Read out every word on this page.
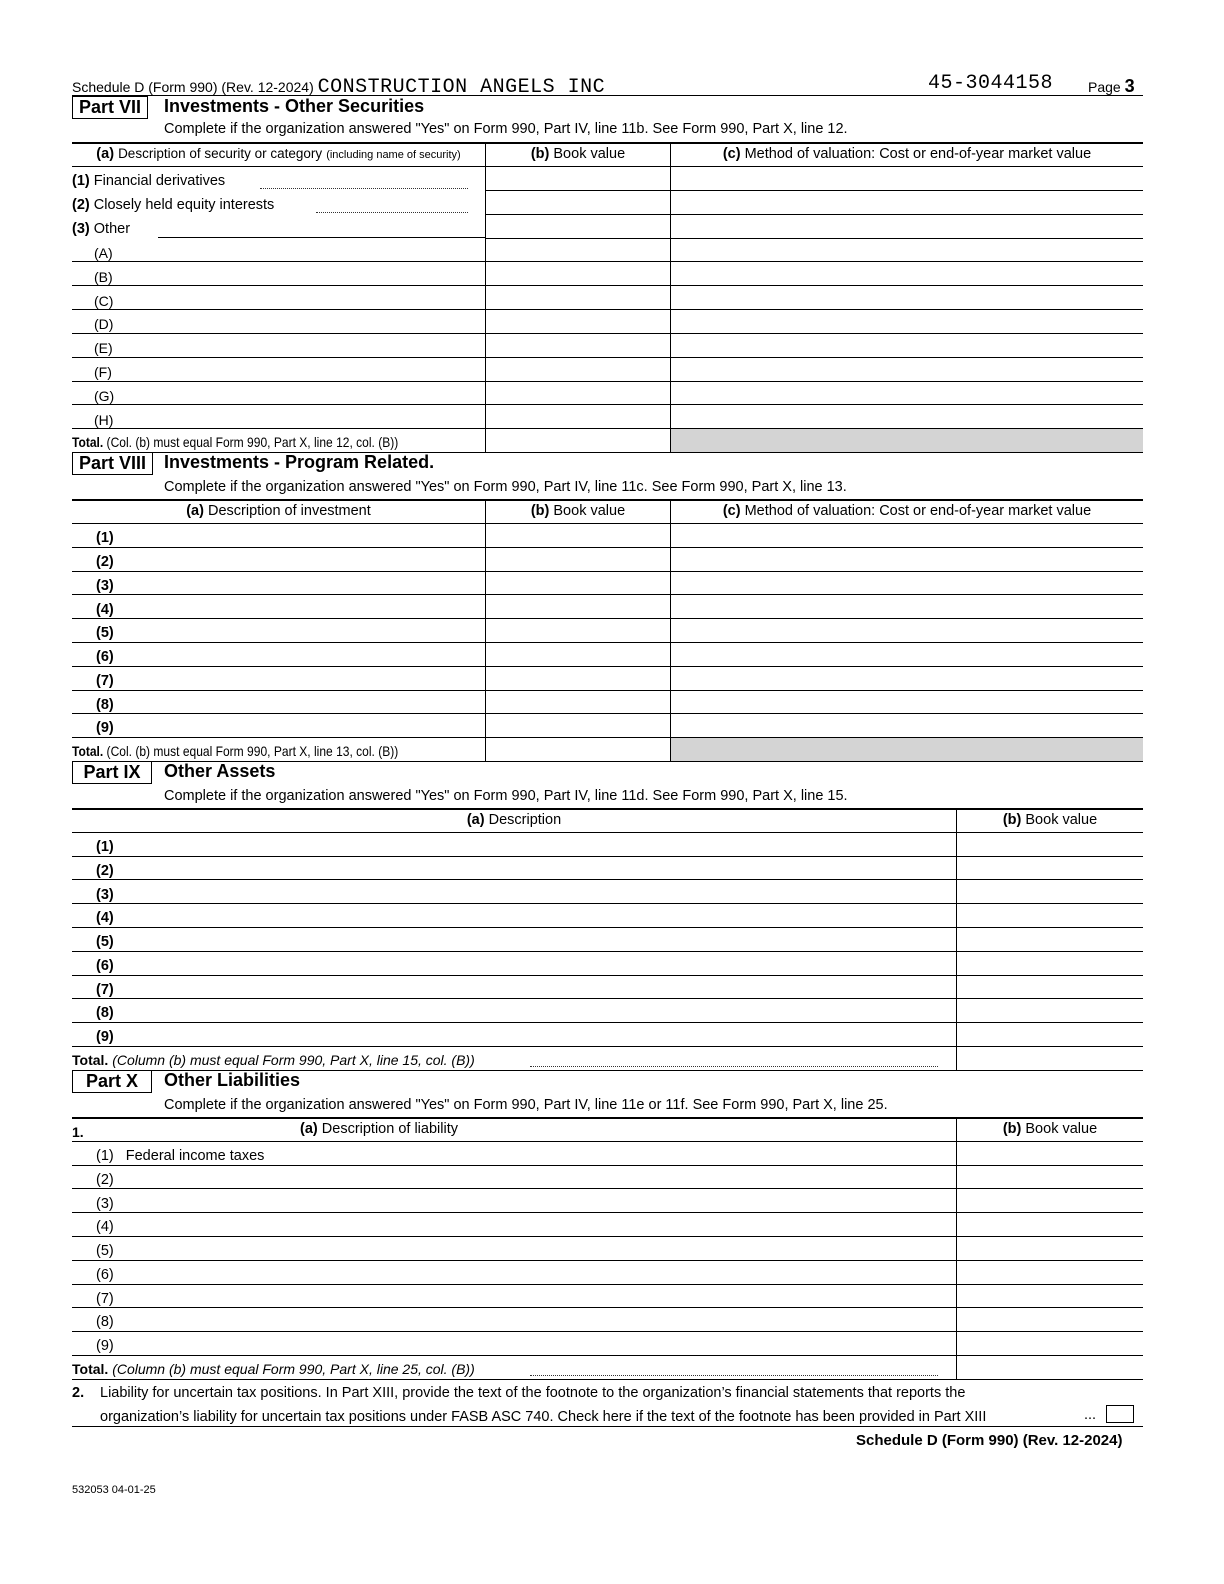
Schedule D (Form 990) (Rev. 12-2024) CONSTRUCTION ANGELS INC	45-3044158 Page 3
Part VII	Investments - Other Securities
Complete if the organization answered "Yes" on Form 990, Part IV, line 11b. See Form 990, Part X, line 12.
(a) Description of security or category (including name of security)	(b) Book value	(c) Method of valuation: Cost or end-of-year market value
(1) Financial derivatives
(2) Closely held equity interests
(3) Other
(A)
(B)
(C)
(D)
(E)
(F)
(G)
(H)
Total. (Col. (b) must equal Form 990, Part X, line 12, col. (B))
Part VIII Investments - Program Related.
Complete if the organization answered "Yes" on Form 990, Part IV, line 11c. See Form 990, Part X, line 13.
(a) Description of investment	(b) Book value	(c) Method of valuation: Cost or end-of-year market value
(1)
(2)
(3)
(4)
(5)
(6)
(7)
(8)
(9)
Total. (Col. (b) must equal Form 990, Part X, line 13, col. (B))
Part IX	Other Assets
Complete if the organization answered "Yes" on Form 990, Part IV, line 11d. See Form 990, Part X, line 15.
(a) Description	(b) Book value
(1)
(2)
(3)
(4)
(5)
(6)
(7)
(8)
(9)
Total. (Column (b) must equal Form 990, Part X, line 15, col. (B))
Part X	Other Liabilities
Complete if the organization answered "Yes" on Form 990, Part IV, line 11e or 11f. See Form 990, Part X, line 25.
1.	(a) Description of liability	(b) Book value
(1) Federal income taxes
(2)
(3)
(4)
(5)
(6)
(7)
(8)
(9)
Total. (Column (b) must equal Form 990, Part X, line 25, col. (B))
2. Liability for uncertain tax positions. In Part XIII, provide the text of the footnote to the organization’s financial statements that reports the
organization’s liability for uncertain tax positions under FASB ASC 740. Check here if the text of the footnote has been provided in Part XIII	...
Schedule D (Form 990) (Rev. 12-2024)
532053 04-01-25
